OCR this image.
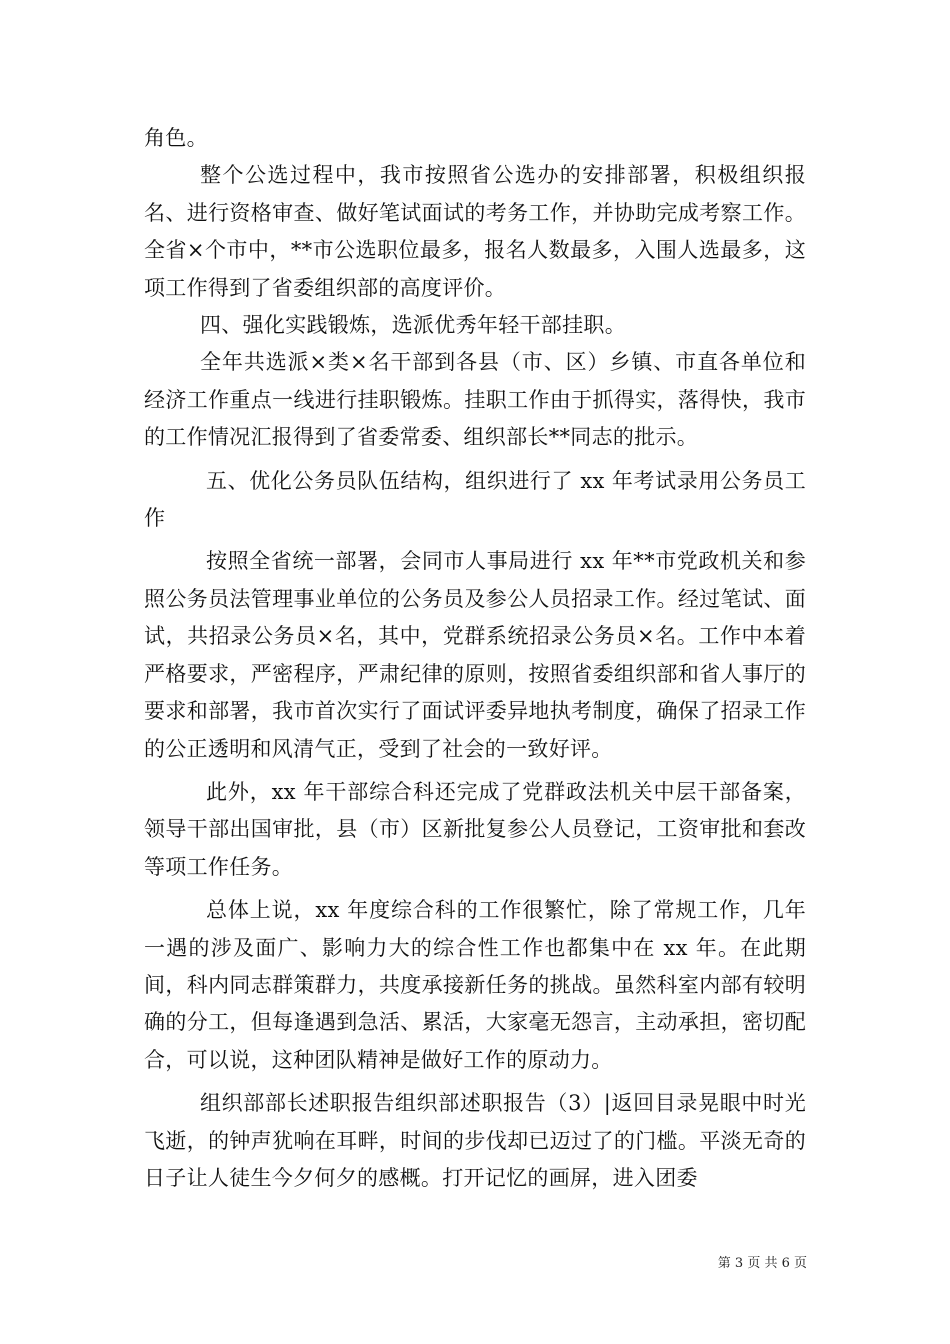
角色。

整个公选过程中，我市按照省公选办的安排部署，积极组织报名、进行资格审查、做好笔试面试的考务工作，并协助完成考察工作。全省×个市中，**市公选职位最多，报名人数最多，入围人选最多，这项工作得到了省委组织部的高度评价。

四、强化实践锻炼，选派优秀年轻干部挂职。

全年共选派×类×名干部到各县（市、区）乡镇、市直各单位和经济工作重点一线进行挂职锻炼。挂职工作由于抓得实，落得快，我市的工作情况汇报得到了省委常委、组织部长**同志的批示。

五、优化公务员队伍结构，组织进行了 xx 年考试录用公务员工作

按照全省统一部署，会同市人事局进行 xx 年**市党政机关和参照公务员法管理事业单位的公务员及参公人员招录工作。经过笔试、面试，共招录公务员×名，其中，党群系统招录公务员×名。工作中本着严格要求，严密程序，严肃纪律的原则，按照省委组织部和省人事厅的要求和部署，我市首次实行了面试评委异地执考制度，确保了招录工作的公正透明和风清气正，受到了社会的一致好评。

此外，xx 年干部综合科还完成了党群政法机关中层干部备案，领导干部出国审批，县（市）区新批复参公人员登记，工资审批和套改等项工作任务。

总体上说，xx 年度综合科的工作很繁忙，除了常规工作，几年一遇的涉及面广、影响力大的综合性工作也都集中在 xx 年。在此期间，科内同志群策群力，共度承接新任务的挑战。虽然科室内部有较明确的分工，但每逢遇到急活、累活，大家毫无怨言，主动承担，密切配合，可以说，这种团队精神是做好工作的原动力。

组织部部长述职报告组织部述职报告（3）|返回目录晃眼中时光飞逝，的钟声犹响在耳畔，时间的步伐却已迈过了的门槛。平淡无奇的日子让人徒生今夕何夕的感概。打开记忆的画屏，进入团委

第 3 页 共 6 页
